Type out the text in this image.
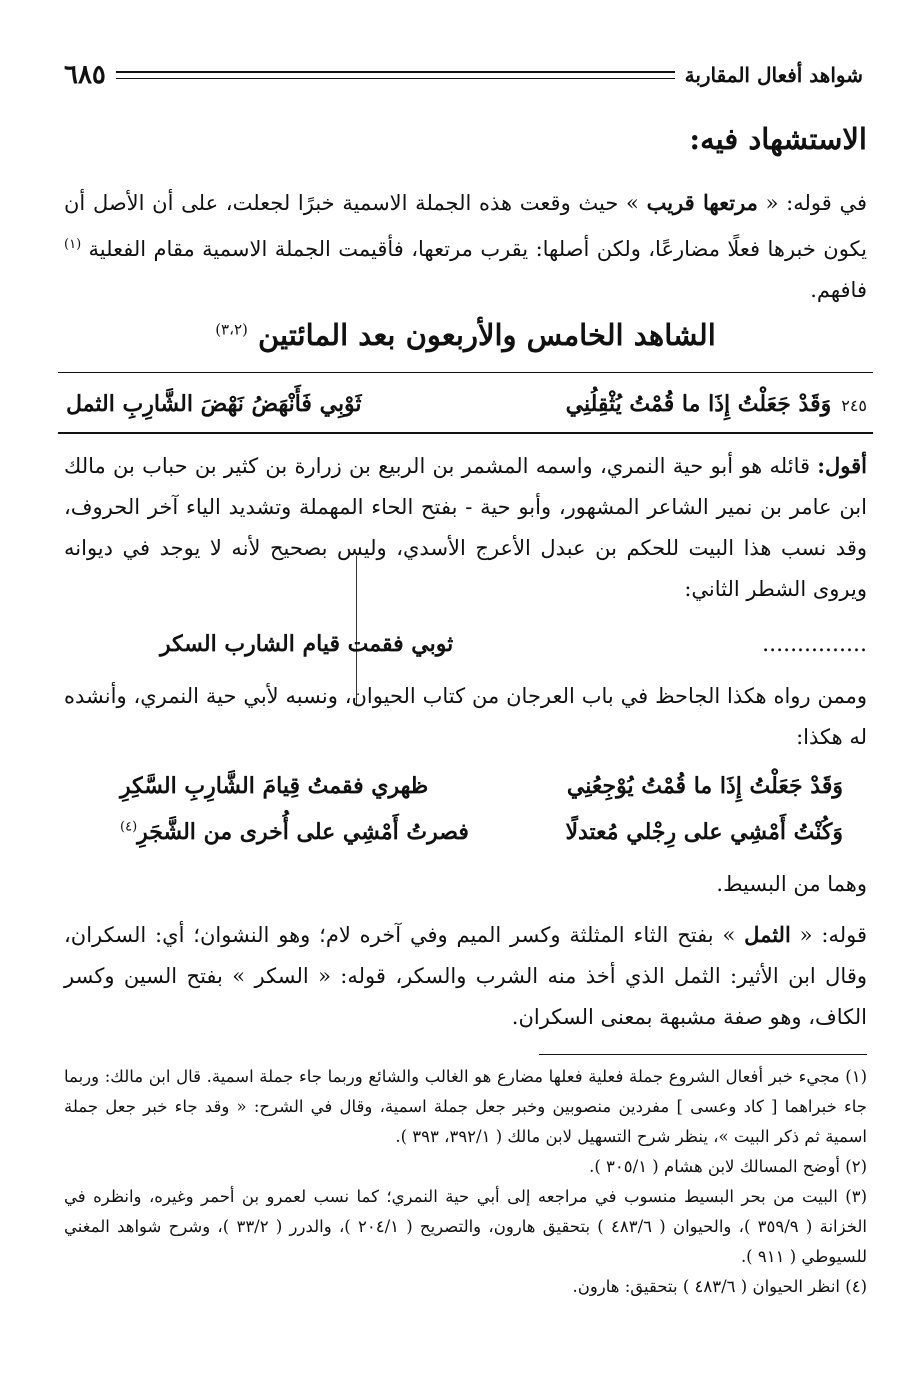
شواهد أفعال المقاربة
٦٨٥
الاستشهاد فيه:
في قوله: « مرتعها قريب » حيث وقعت هذه الجملة الاسمية خبرًا لجعلت، على أن الأصل أن يكون خبرها فعلًا مضارعًا، ولكن أصلها: يقرب مرتعها، فأقيمت الجملة الاسمية مقام الفعلية $^{(١)}$ فافهم.
الشاهد الخامس والأربعون بعد المائتين $^{(٣،٢)}$
٢٤٥وَقَدْ جَعَلْتُ إِذَا ما قُمْتُ يُثْقِلُنِي
ثَوْبِي فَأَنْهَضُ نَهْضَ الشَّارِبِ الثمل
أقول: قائله هو أبو حية النمري، واسمه المشمر بن الربيع بن زرارة بن كثير بن حباب بن مالك ابن عامر بن نمير الشاعر المشهور، وأبو حية - بفتح الحاء المهملة وتشديد الياء آخر الحروف، وقد نسب هذا البيت للحكم بن عبدل الأعرج الأسدي، وليس بصحيح لأنه لا يوجد في ديوانه ويروى الشطر الثاني:
...............
ثوبي فقمت قيام الشارب السكر
وممن رواه هكذا الجاحظ في باب العرجان من كتاب الحيوان، ونسبه لأبي حية النمري، وأنشده له هكذا:
وَقَدْ جَعَلْتُ إِذَا ما قُمْتُ يُوْجِعُنِي
ظهري فقمتُ قِيامَ الشَّارِبِ السَّكِرِ
وَكُنْتُ أَمْشِي على رِجْلي مُعتدلًا
فصرتُ أَمْشِي على أُخرى من الشَّجَرِ$^{(٤)}$
وهما من البسيط.
قوله: « الثمل » بفتح الثاء المثلثة وكسر الميم وفي آخره لام؛ وهو النشوان؛ أي: السكران، وقال ابن الأثير: الثمل الذي أخذ منه الشرب والسكر، قوله: « السكر » بفتح السين وكسر الكاف، وهو صفة مشبهة بمعنى السكران.

(١) مجيء خبر أفعال الشروع جملة فعلية فعلها مضارع هو الغالب والشائع وربما جاء جملة اسمية. قال ابن مالك: وربما جاء خبراهما [ كاد وعسى ] مفردين منصوبين وخبر جعل جملة اسمية، وقال في الشرح: « وقد جاء خبر جعل جملة اسمية ثم ذكر البيت »، ينظر شرح التسهيل لابن مالك ( ٣٩٢/١، ٣٩٣ ).

(٢) أوضح المسالك لابن هشام ( ٣٠٥/١ ).

(٣) البيت من بحر البسيط منسوب في مراجعه إلى أبي حية النمري؛ كما نسب لعمرو بن أحمر وغيره، وانظره في الخزانة ( ٣٥٩/٩ )، والحيوان ( ٤٨٣/٦ ) بتحقيق هارون، والتصريح ( ٢٠٤/١ )، والدرر ( ٣٣/٢ )، وشرح شواهد المغني للسيوطي ( ٩١١ ).

(٤) انظر الحيوان ( ٤٨٣/٦ ) بتحقيق: هارون.
